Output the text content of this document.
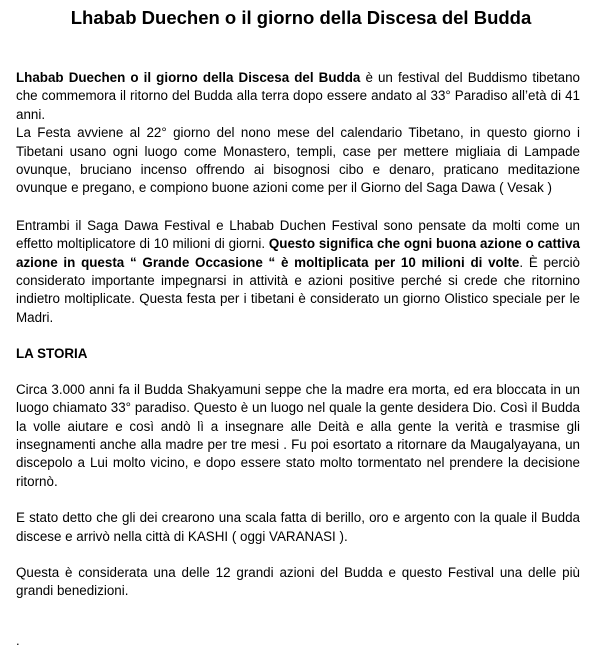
Lhabab Duechen o il giorno della Discesa del Budda

Lhabab Duechen o il giorno della Discesa del Budda è un festival del Buddismo tibetano che commemora il ritorno del Budda alla terra dopo essere andato al 33° Paradiso all’età di 41 anni.
La Festa avviene al 22° giorno del nono mese del calendario Tibetano, in questo giorno i Tibetani usano ogni luogo come Monastero, templi, case per mettere migliaia di Lampade ovunque, bruciano incenso offrendo ai bisognosi cibo e denaro, praticano meditazione ovunque e pregano, e compiono buone azioni come per il Giorno del Saga Dawa ( Vesak )

Entrambi il Saga Dawa Festival e Lhabab Duchen Festival sono pensate da molti come un effetto moltiplicatore di 10 milioni di giorni. Questo significa che ogni buona azione o cattiva azione in questa “ Grande Occasione “ è moltiplicata per 10 milioni di volte. È perciò considerato importante impegnarsi in attività e azioni positive perché si crede che ritornino indietro moltiplicate. Questa festa per i tibetani è considerato un giorno Olistico speciale per le Madri.

LA STORIA

Circa 3.000 anni fa il Budda Shakyamuni seppe che la madre era morta, ed era bloccata in un luogo chiamato 33° paradiso. Questo è un luogo nel quale la gente desidera Dio. Così il Budda la volle aiutare e così andò lì a insegnare alle Deità e alla gente la verità e trasmise gli insegnamenti anche alla madre per tre mesi . Fu poi esortato a ritornare da Maugalyayana, un discepolo a Lui molto vicino, e dopo essere stato molto tormentato nel prendere la decisione ritornò.

E stato detto che gli dei crearono una scala fatta di berillo, oro e argento con la quale il Budda discese e arrivò nella città di KASHI ( oggi VARANASI ).

Questa è considerata una delle 12 grandi azioni del Budda e questo Festival una delle più grandi benedizioni.

.
